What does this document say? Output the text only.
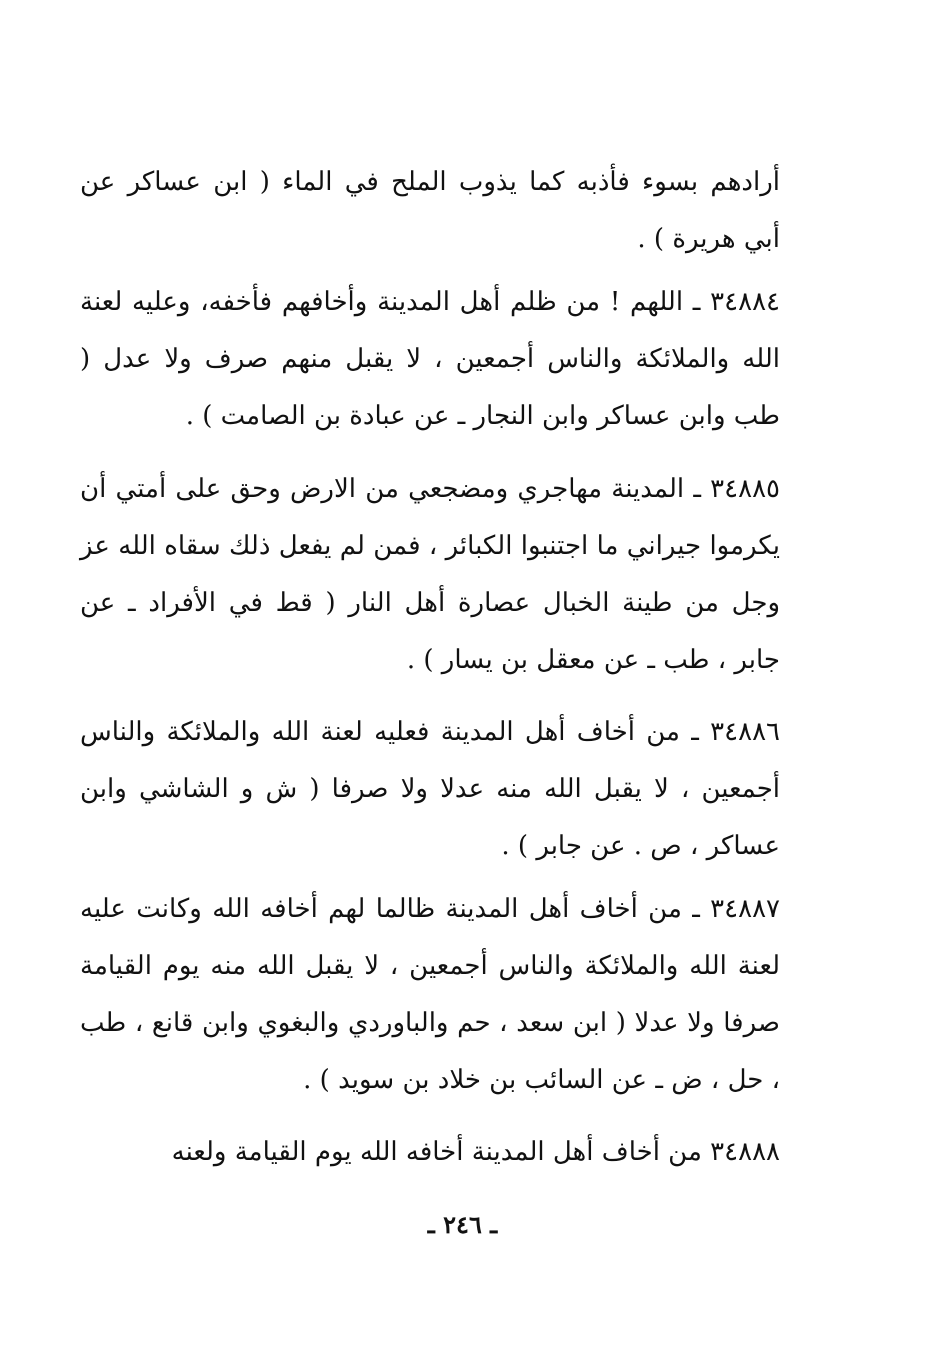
أرادهم بسوء فأذبه كما يذوب الملح في الماء ( ابن عساكر عن أبي هريرة ) .

٣٤٨٨٤ ـ اللهم ! من ظلم أهل المدينة وأخافهم فأخفه، وعليه لعنة الله والملائكة والناس أجمعين ، لا يقبل منهم صرف ولا عدل ( طب وابن عساكر وابن النجار ـ عن عبادة بن الصامت ) .

٣٤٨٨٥ ـ المدينة مهاجري ومضجعي من الارض وحق على أمتي أن يكرموا جيراني ما اجتنبوا الكبائر ، فمن لم يفعل ذلك سقاه الله عز وجل من طينة الخبال عصارة أهل النار ( قط في الأفراد ـ عن جابر ، طب ـ عن معقل بن يسار ) .

٣٤٨٨٦ ـ من أخاف أهل المدينة فعليه لعنة الله والملائكة والناس أجمعين ، لا يقبل الله منه عدلا ولا صرفا ( ش و الشاشي وابن عساكر ، ص . عن جابر ) .

٣٤٨٨٧ ـ من أخاف أهل المدينة ظالما لهم أخافه الله وكانت عليه لعنة الله والملائكة والناس أجمعين ، لا يقبل الله منه يوم القيامة صرفا ولا عدلا ( ابن سعد ، حم والباوردي والبغوي وابن قانع ، طب ، حل ، ض ـ عن السائب بن خلاد بن سويد ) .

٣٤٨٨٨ من أخاف أهل المدينة أخافه الله يوم القيامة ولعنه

ـ ٢٤٦ ـ
